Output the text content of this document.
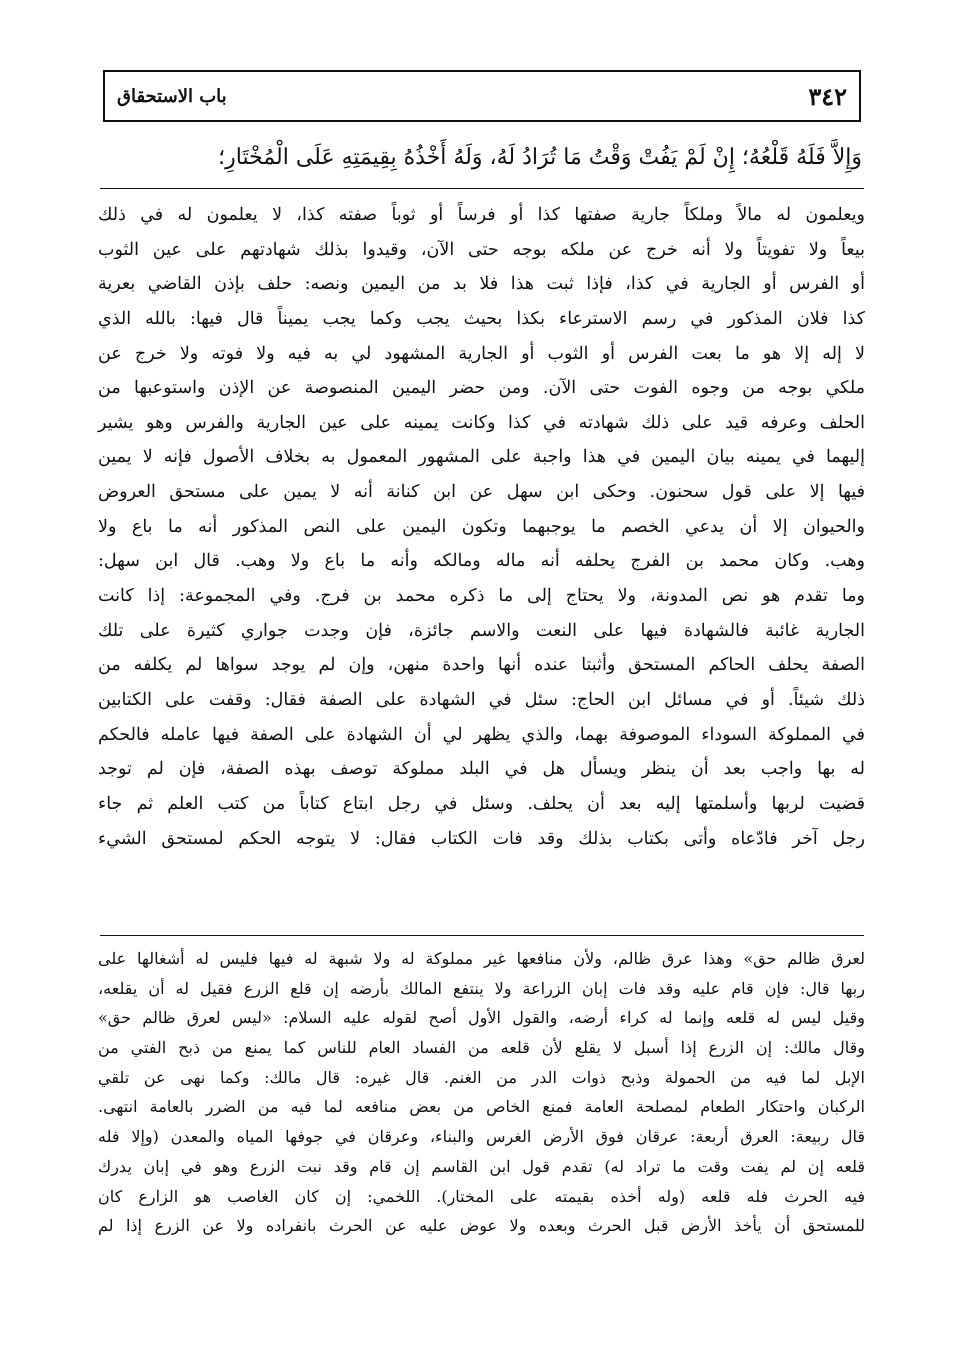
باب الاستحقاق	٣٤٢
وَإِلاَّ فَلَهُ قَلْعُهُ؛ إِنْ لَمْ يَفُتْ وَقْتُ مَا تُرَادُ لَهُ، وَلَهُ أَخْذُهُ بِقِيمَتِهِ عَلَى الْمُخْتَارِ؛
ويعلمون له مالاً وملكاً جارية صفتها كذا أو فرساً أو ثوباً صفته كذا، لا يعلمون له في ذلك
بيعاً ولا تفويتاً ولا أنه خرج عن ملكه بوجه حتى الآن، وقيدوا بذلك شهادتهم على عين الثوب
أو الفرس أو الجارية في كذا، فإذا ثبت هذا فلا بد من اليمين ونصه: حلف بإذن القاضي بعرية
كذا فلان المذكور في رسم الاسترعاء بكذا بحيث يجب وكما يجب يميناً قال فيها: بالله الذي
لا إله إلا هو ما بعت الفرس أو الثوب أو الجارية المشهود لي به فيه ولا فوته ولا خرج عن
ملكي بوجه من وجوه الفوت حتى الآن. ومن حضر اليمين المنصوصة عن الإذن واستوعبها من
الحلف وعرفه قيد على ذلك شهادته في كذا وكانت يمينه على عين الجارية والفرس وهو يشير
إليهما في يمينه بيان اليمين في هذا واجبة على المشهور المعمول به بخلاف الأصول فإنه لا يمين
فيها إلا على قول سحنون. وحكى ابن سهل عن ابن كنانة أنه لا يمين على مستحق العروض
والحيوان إلا أن يدعي الخصم ما يوجبهما وتكون اليمين على النص المذكور أنه ما باع ولا
وهب. وكان محمد بن الفرج يحلفه أنه ماله ومالكه وأنه ما باع ولا وهب. قال ابن سهل:
وما تقدم هو نص المدونة، ولا يحتاج إلى ما ذكره محمد بن فرج. وفي المجموعة: إذا كانت
الجارية غائبة فالشهادة فيها على النعت والاسم جائزة، فإن وجدت جواري كثيرة على تلك
الصفة يحلف الحاكم المستحق وأثبتا عنده أنها واحدة منهن، وإن لم يوجد سواها لم يكلفه من
ذلك شيئاً. أو في مسائل ابن الحاج: سئل في الشهادة على الصفة فقال: وقفت على الكتابين
في المملوكة السوداء الموصوفة بهما، والذي يظهر لي أن الشهادة على الصفة فيها عامله فالحكم
له بها واجب بعد أن ينظر ويسأل هل في البلد مملوكة توصف بهذه الصفة، فإن لم توجد
قضيت لربها وأسلمتها إليه بعد أن يحلف. وسئل في رجل ابتاع كتاباً من كتب العلم ثم جاء
رجل آخر فادّعاه وأتى بكتاب بذلك وقد فات الكتاب فقال: لا يتوجه الحكم لمستحق الشيء
لعرق ظالم حق» وهذا عرق ظالم، ولأن منافعها غير مملوكة له ولا شبهة له فيها فليس له أشغالها على
ربها قال: فإن قام عليه وقد فات إبان الزراعة ولا ينتفع المالك بأرضه إن قلع الزرع فقيل له أن يقلعه،
وقيل ليس له قلعه وإنما له كراء أرضه، والقول الأول أصح لقوله عليه السلام: «ليس لعرق ظالم حق»
وقال مالك: إن الزرع إذا أسبل لا يقلع لأن قلعه من الفساد العام للناس كما يمنع من ذبح الفتي من
الإبل لما فيه من الحمولة وذبح ذوات الدر من الغنم. قال غيره: قال مالك: وكما نهى عن تلقي
الركبان واحتكار الطعام لمصلحة العامة فمنع الخاص من بعض منافعه لما فيه من الضرر بالعامة انتهى.
قال ربيعة: العرق أربعة: عرقان فوق الأرض الغرس والبناء، وعرقان في جوفها المياه والمعدن (وإلا فله
قلعه إن لم يفت وقت ما تراد له) تقدم قول ابن القاسم إن قام وقد نبت الزرع وهو في إبان يدرك
فيه الحرث فله قلعه (وله أخذه بقيمته على المختار). اللخمي: إن كان الغاصب هو الزارع كان
للمستحق أن يأخذ الأرض قبل الحرث وبعده ولا عوض عليه عن الحرث بانفراده ولا عن الزرع إذا لم
